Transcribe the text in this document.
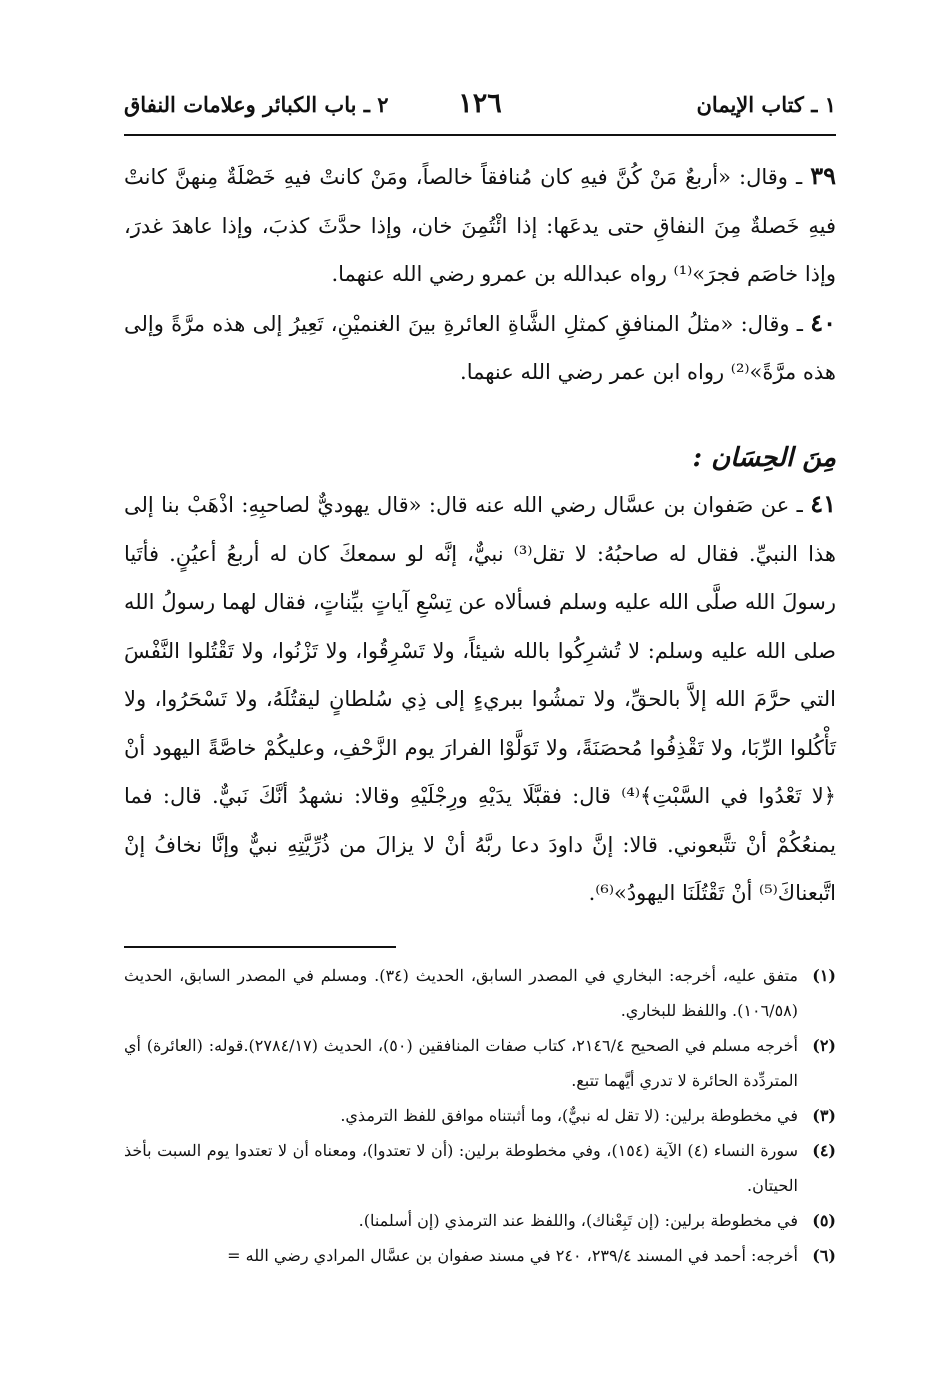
١ ـ كتاب الإيمان
١٢٦
٢ ـ باب الكبائر وعلامات النفاق

٣٩ ـ وقال: «أربعٌ مَنْ كُنَّ فيهِ كان مُنافقاً خالصاً، ومَنْ كانتْ فيهِ خَصْلَةٌ مِنهنَّ كانتْ فيهِ خَصلةٌ مِنَ النفاقِ حتى يدعَها: إذا ائْتُمِنَ خان، وإذا حدَّثَ كذبَ، وإذا عاهدَ غدرَ، وإذا خاصَم فجرَ»⁽¹⁾ رواه عبدالله بن عمرو رضي الله عنهما.

٤٠ ـ وقال: «مثلُ المنافقِ كمثلِ الشَّاةِ العائرةِ بينَ الغنميْنِ، تَعِيرُ إلى هذه مرَّةً وإلى هذه مرَّةً»⁽²⁾ رواه ابن عمر رضي الله عنهما.

مِنَ الحِسَان :

٤١ ـ عن صَفوان بن عسَّال رضي الله عنه قال: «قال يهوديٌّ لصاحبِهِ: اذْهَبْ بنا إلى هذا النبيِّ. فقال له صاحبُهُ: لا تقل⁽³⁾ نبيٌّ، إنَّه لو سمعكَ كان له أربعُ أعيُنٍ. فأتَيا رسولَ الله صلَّى الله عليه وسلم فسألاه عن تِسْعِ آياتٍ بيِّناتٍ، فقال لهما رسولُ الله صلى الله عليه وسلم: لا تُشرِكُوا بالله شيئاً، ولا تَسْرِقُوا، ولا تَزْنُوا، ولا تَقْتُلوا النَّفْسَ التي حرَّمَ الله إلاَّ بالحقِّ، ولا تمشُوا ببريءٍ إلى ذِي سُلطانٍ ليقتُلَهُ، ولا تَسْحَرُوا، ولا تَأْكُلوا الرِّبَا، ولا تَقْذِفُوا مُحصَنَةً، ولا تَوَلَّوْا الفرارَ يوم الزَّحْفِ، وعليكُمْ خاصَّةً اليهود أنْ ﴿لا تَعْدُوا في السَّبْتِ﴾⁽⁴⁾ قال: فقبَّلَا يدَيْهِ ورِجْلَيْهِ وقالا: نشهدُ أنَّكَ نَبيٌّ. قال: فما يمنعُكُمْ أنْ تتَّبعوني. قالا: إنَّ داودَ دعا ربَّهُ أنْ لا يزالَ من ذُرِّيَّتِهِ نبيٌّ وإنَّا نخافُ إنْ اتَّبعناكَ⁽⁵⁾ أنْ تَقْتُلَنَا اليهودُ»⁽⁶⁾.

(١)
متفق عليه، أخرجه: البخاري في المصدر السابق، الحديث (٣٤). ومسلم في المصدر السابق، الحديث (١٠٦/٥٨). واللفظ للبخاري.
(٢)
أخرجه مسلم في الصحيح ٢١٤٦/٤، كتاب صفات المنافقين (٥٠)، الحديث (٢٧٨٤/١٧).قوله: (العائرة) أي المتردِّدة الحائرة لا تدري أيَّهما تتبع.
(٣)
في مخطوطة برلين: (لا تقل له نبيٌّ)، وما أثبتناه موافق للفظ الترمذي.
(٤)
سورة النساء (٤) الآية (١٥٤)، وفي مخطوطة برلين: (أن لا تعتدوا)، ومعناه أن لا تعتدوا يوم السبت بأخذ الحيتان.
(٥)
في مخطوطة برلين: (إن تَبِعْناك)، واللفظ عند الترمذي (إن أسلمنا).
(٦)
أخرجه: أحمد في المسند ٢٣٩/٤، ٢٤٠ في مسند صفوان بن عسَّال المرادي رضي الله =
